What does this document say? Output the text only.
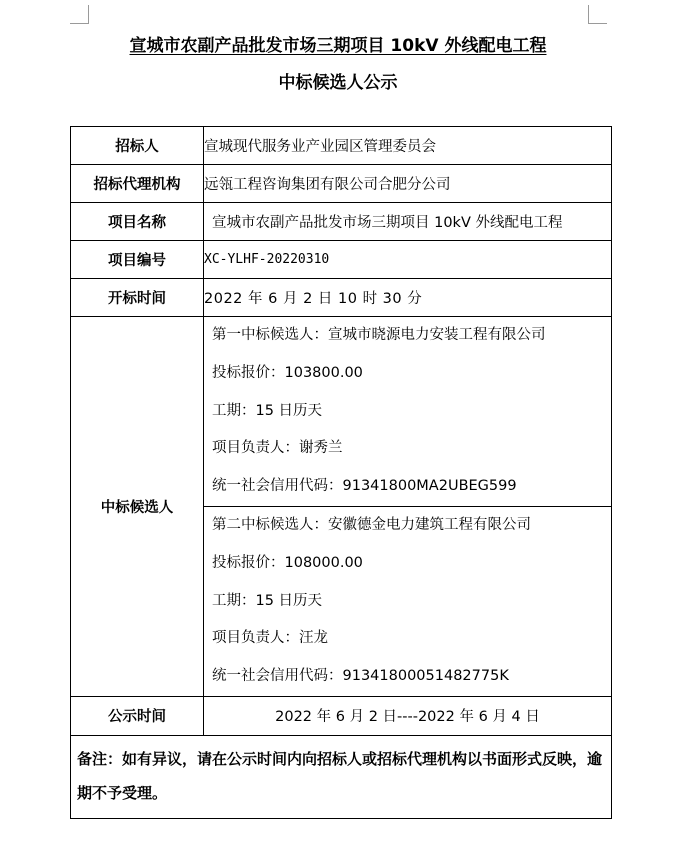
宣城市农副产品批发市场三期项目 10kV 外线配电工程
中标候选人公示
招标人	宣城现代服务业产业园区管理委员会
招标代理机构	远瓴工程咨询集团有限公司合肥分公司
项目名称	宣城市农副产品批发市场三期项目 10kV 外线配电工程
项目编号	XC-YLHF-20220310
开标时间	2022 年 6 月 2 日 10 时 30 分
中标候选人	第一中标候选人：宣城市晓源电力安装工程有限公司
投标报价：103800.00
工期：15 日历天
项目负责人：谢秀兰
统一社会信用代码：91341800MA2UBEG599

	第二中标候选人：安徽德金电力建筑工程有限公司
投标报价：108000.00
工期：15 日历天
项目负责人：汪龙
统一社会信用代码：91341800051482775K

公示时间	2022 年 6 月 2 日----2022 年 6 月 4 日
备注：如有异议，请在公示时间内向招标人或招标代理机构以书面形式反映，逾期不予受理。	
